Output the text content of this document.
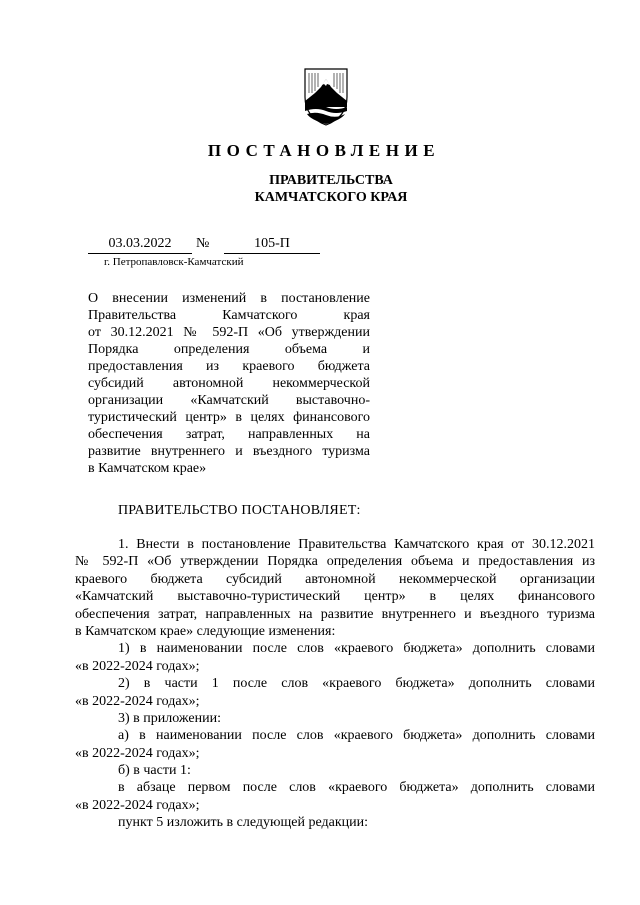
ПОСТАНОВЛЕНИЕ
ПРАВИТЕЛЬСТВА
КАМЧАТСКОГО КРАЯ
03.03.2022	№	105-П
г. Петропавловск-Камчатский
О внесении изменений в постановление
Правительства Камчатского края
от 30.12.2021 № 592-П «Об утверждении
Порядка определения объема и
предоставления из краевого бюджета
субсидий автономной некоммерческой
организации «Камчатский выставочно-
туристический центр» в целях финансового
обеспечения затрат, направленных на
развитие внутреннего и въездного туризма
в Камчатском крае»
ПРАВИТЕЛЬСТВО ПОСТАНОВЛЯЕТ:
1. Внести в постановление Правительства Камчатского края от 30.12.2021
№ 592-П «Об утверждении Порядка определения объема и предоставления из
краевого бюджета субсидий автономной некоммерческой организации
«Камчатский выставочно-туристический центр» в целях финансового
обеспечения затрат, направленных на развитие внутреннего и въездного туризма
в Камчатском крае» следующие изменения:
1) в наименовании после слов «краевого бюджета» дополнить словами
«в 2022-2024 годах»;
2) в части 1 после слов «краевого бюджета» дополнить словами
«в 2022-2024 годах»;
3) в приложении:
а) в наименовании после слов «краевого бюджета» дополнить словами
«в 2022-2024 годах»;
б) в части 1:
в абзаце первом после слов «краевого бюджета» дополнить словами
«в 2022-2024 годах»;
пункт 5 изложить в следующей редакции:
